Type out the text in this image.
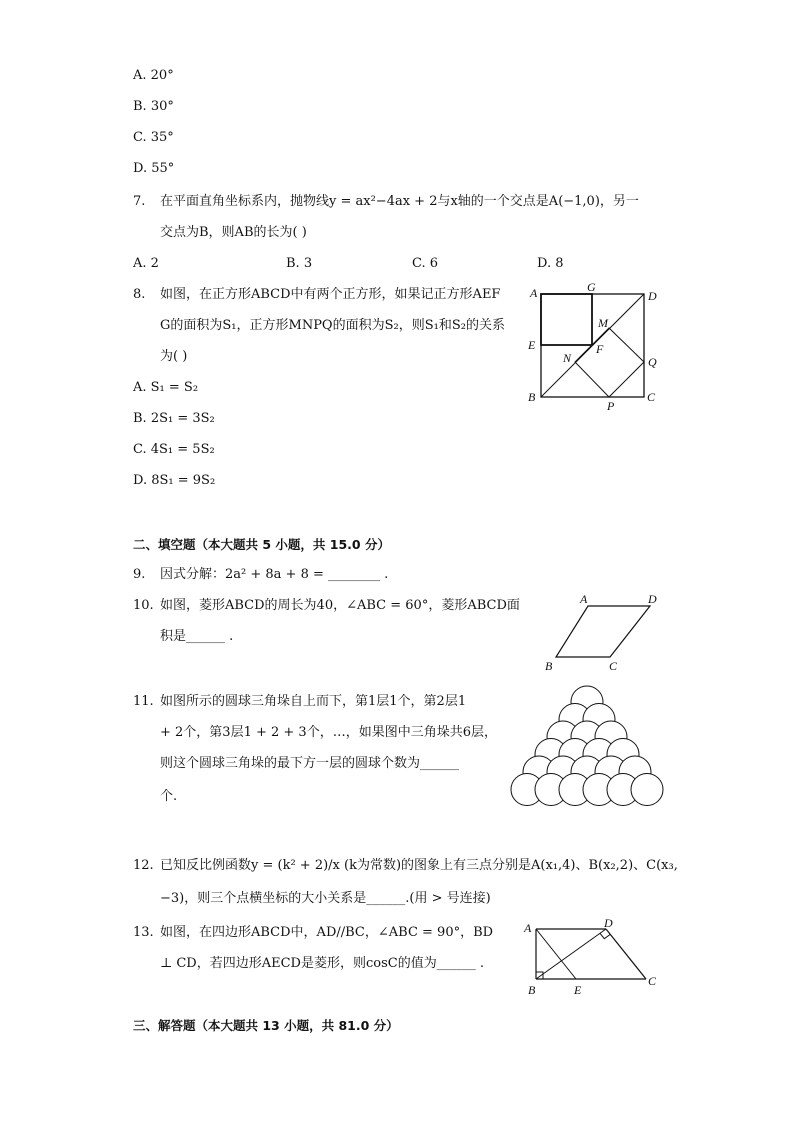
A. 20°
B. 30°
C. 35°
D. 55°
7. 在平面直角坐标系内，抛物线y = ax²−4ax + 2与x轴的一个交点是A(−1,0)，另一
交点为B，则AB的长为( )
A. 2	B. 3	C. 6	D. 8
8. 如图，在正方形ABCD中有两个正方形，如果记正方形AEF
G的面积为S₁，正方形MNPQ的面积为S₂，则S₁和S₂的关系
为( )
A. S₁ = S₂
B. 2S₁ = 3S₂
C. 4S₁ = 5S₂
D. 8S₁ = 9S₂
A	G
D
M
E	F
N	Q
B
P
C
二、填空题（本大题共 5 小题，共 15.0 分）
9. 因式分解：2a² + 8a + 8 = ________ .
10. 如图，菱形ABCD的周长为40，∠ABC = 60°，菱形ABCD面
积是______ .
A	D
B	C
11. 如图所示的圆球三角垛自上而下，第1层1个，第2层1
+ 2个，第3层1 + 2 + 3个，…，如果图中三角垛共6层，
则这个圆球三角垛的最下方一层的圆球个数为______
个.
12. 已知反比例函数y = (k² + 2)/x (k为常数)的图象上有三点分别是A(x₁,4)、B(x₂,2)、C(x₃,
−3)，则三个点横坐标的大小关系是______.(用 > 号连接)
13. 如图，在四边形ABCD中，AD//BC，∠ABC = 90°，BD
⊥ CD，若四边形AECD是菱形，则cosC的值为______ .
A	D
B	E
C
三、解答题（本大题共 13 小题，共 81.0 分）
